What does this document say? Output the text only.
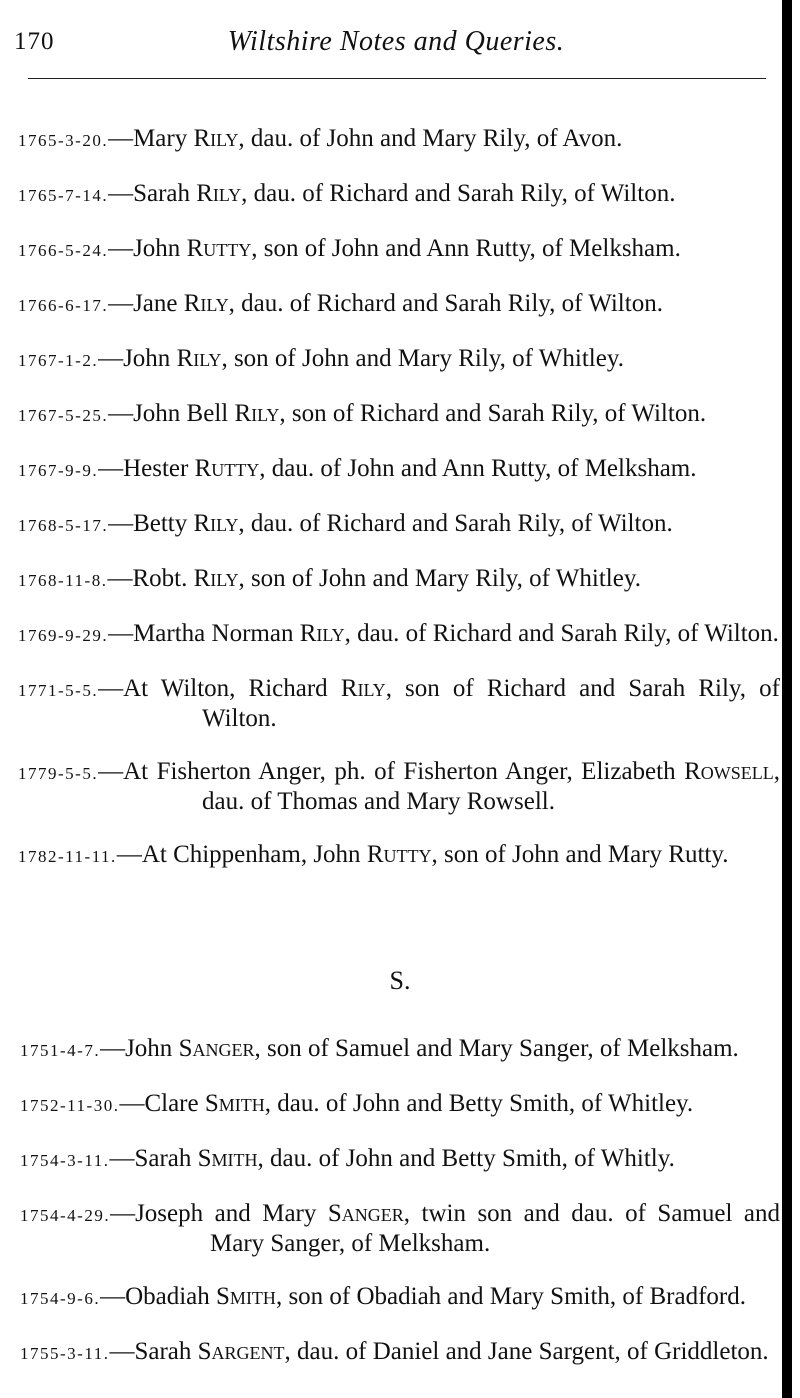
170	Wiltshire Notes and Queries.

1765-3-20.—Mary Rily, dau. of John and Mary Rily, of Avon.

1765-7-14.—Sarah Rily, dau. of Richard and Sarah Rily, of Wilton.

1766-5-24.—John Rutty, son of John and Ann Rutty, of Melksham.

1766-6-17.—Jane Rily, dau. of Richard and Sarah Rily, of Wilton.

1767-1-2.—John Rily, son of John and Mary Rily, of Whitley.

1767-5-25.—John Bell Rily, son of Richard and Sarah Rily, of Wilton.

1767-9-9.—Hester Rutty, dau. of John and Ann Rutty, of Melksham.

1768-5-17.—Betty Rily, dau. of Richard and Sarah Rily, of Wilton.

1768-11-8.—Robt. Rily, son of John and Mary Rily, of Whitley.

1769-9-29.—Martha Norman Rily, dau. of Richard and Sarah Rily, of Wilton.

1771-5-5.—At Wilton, Richard Rily, son of Richard and Sarah Rily, of Wilton.

1779-5-5.—At Fisherton Anger, ph. of Fisherton Anger, Elizabeth Rowsell, dau. of Thomas and Mary Rowsell.

1782-11-11.—At Chippenham, John Rutty, son of John and Mary Rutty.

S.

1751-4-7.—John Sanger, son of Samuel and Mary Sanger, of Melksham.

1752-11-30.—Clare Smith, dau. of John and Betty Smith, of Whitley.

1754-3-11.—Sarah Smith, dau. of John and Betty Smith, of Whitly.

1754-4-29.—Joseph and Mary Sanger, twin son and dau. of Samuel and Mary Sanger, of Melksham.

1754-9-6.—Obadiah Smith, son of Obadiah and Mary Smith, of Bradford.

1755-3-11.—Sarah Sargent, dau. of Daniel and Jane Sargent, of Griddleton.
